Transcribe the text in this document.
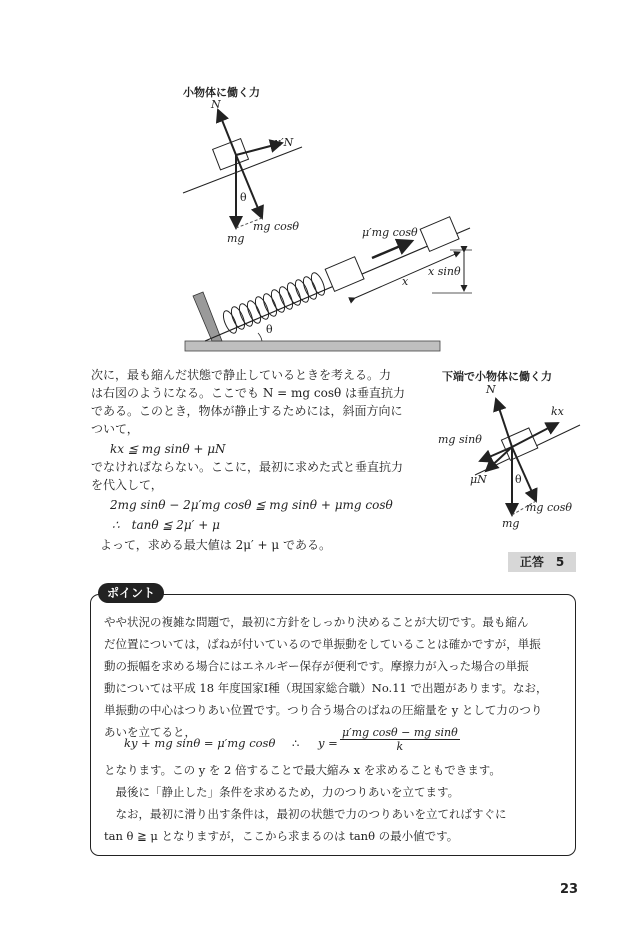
小物体に働く力
N
μ′N
θ
mg
mg cosθ	μ′mg cosθ
x
x sinθ
θ
下端で小物体に働く力
N
kx
mg sinθ
μN	θ
mg
mg cosθ
次に，最も縮んだ状態で静止しているときを考える。力
は右図のようになる。ここでも N = mg cosθ は垂直抗力
である。このとき，物体が静止するためには，斜面方向に
ついて，
kx ≦ mg sinθ + μN
でなければならない。ここに，最初に求めた式と垂直抗力
を代入して，
2mg sinθ − 2μ′mg cosθ ≦ mg sinθ + μmg cosθ
∴　tanθ ≦ 2μ′ + μ
よって，求める最大値は 2μ′ + μ である。
正答　5
ポイント
やや状況の複雑な問題で，最初に方針をしっかり決めることが大切です。最も縮ん
だ位置については，ばねが付いているので単振動をしていることは確かですが，単振
動の振幅を求める場合にはエネルギー保存が便利です。摩擦力が入った場合の単振
動については平成 18 年度国家Ⅰ種（現国家総合職）No.11 で出題があります。なお，
単振動の中心はつりあい位置です。つり合う場合のばねの圧縮量を y として力のつり
あいを立てると，
ky + mg sinθ = μ′mg cosθ ∴ $y = \frac{\text{μ′mg cosθ − mg sinθ}}{k}$
となります。この y を 2 倍することで最大縮み x を求めることもできます。
　最後に「静止した」条件を求めるため，力のつりあいを立てます。
　なお，最初に滑り出す条件は，最初の状態で力のつりあいを立てればすぐに
tan θ ≧ μ となりますが，ここから求まるのは tanθ の最小値です。
23
